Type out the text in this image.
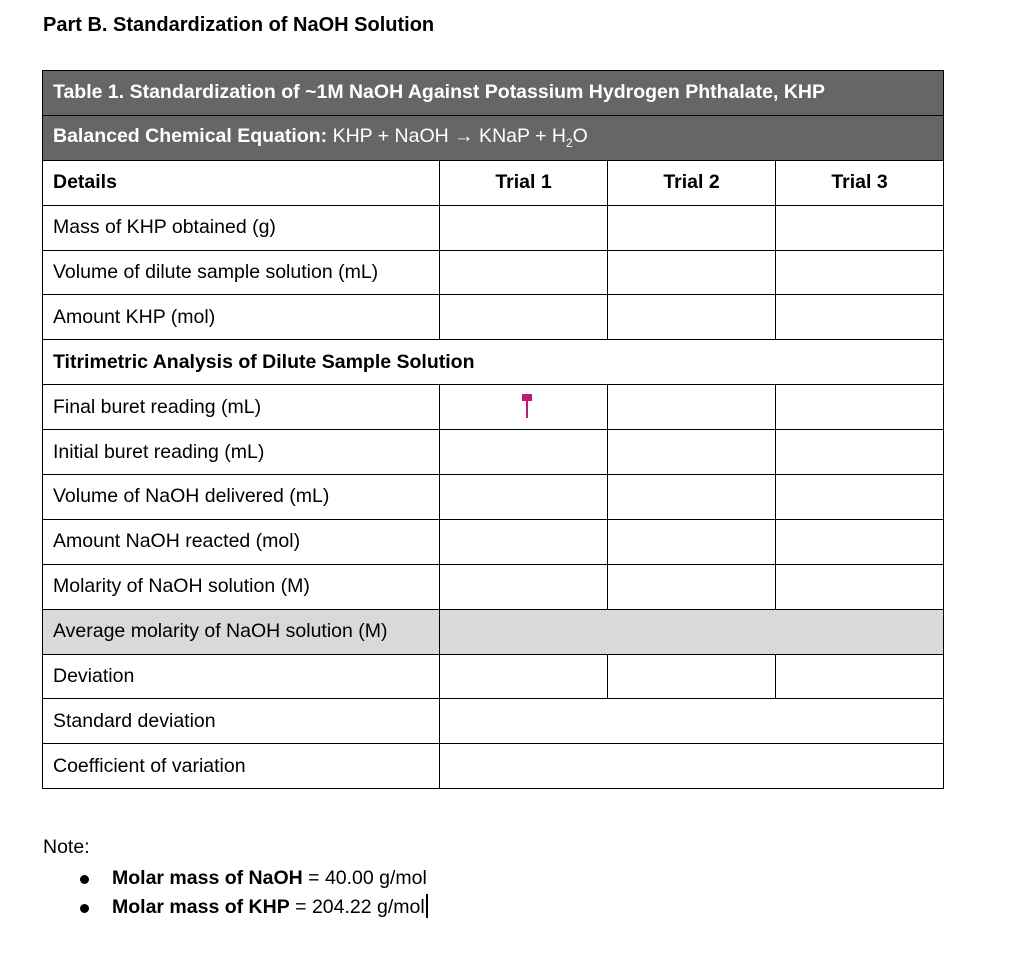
Part B. Standardization of NaOH Solution
Table 1. Standardization of ~1M NaOH Against Potassium Hydrogen Phthalate, KHP			
Balanced Chemical Equation: KHP + NaOH → KNaP + $H_2O$			
Details	Trial 1	Trial 2	Trial 3
Mass of KHP obtained (g)			
Volume of dilute sample solution (mL)			
Amount KHP (mol)			
Titrimetric Analysis of Dilute Sample Solution			
Final buret reading (mL)	

Initial buret reading (mL)			
Volume of NaOH delivered (mL)			
Amount NaOH reacted (mol)			
Molarity of NaOH solution (M)			
Average molarity of NaOH solution (M)			
Deviation			
Standard deviation			
Coefficient of variation			
Note:
Molar mass of NaOH = 40.00 g/mol
Molar mass of KHP = 204.22 g/mol
